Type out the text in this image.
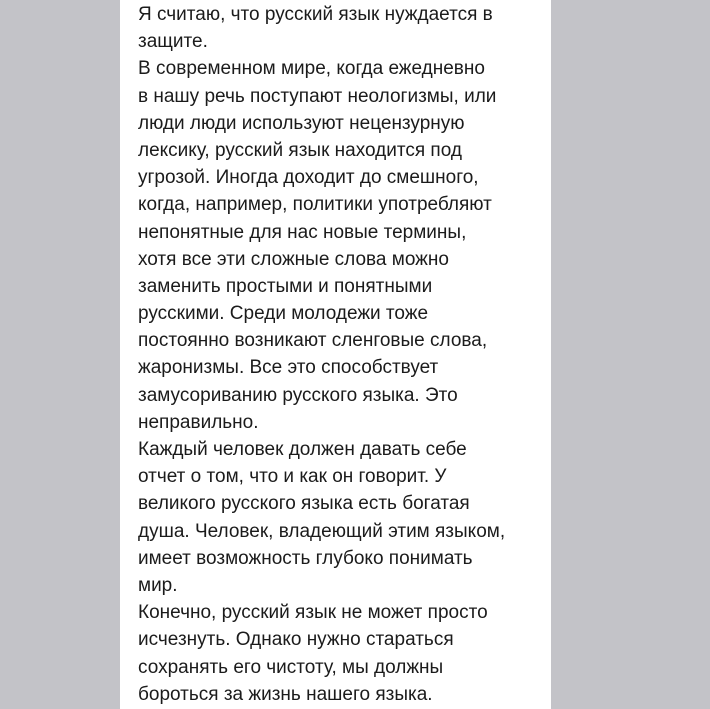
Я считаю, что русский язык нуждается в
защите.
В современном мире, когда ежедневно
в нашу речь поступают неологизмы, или
люди люди используют нецензурную
лексику, русский язык находится под
угрозой. Иногда доходит до смешного,
когда, например, политики употребляют
непонятные для нас новые термины,
хотя все эти сложные слова можно
заменить простыми и понятными
русскими. Среди молодежи тоже
постоянно возникают сленговые слова,
жаронизмы. Все это способствует
замусориванию русского языка. Это
неправильно.
Каждый человек должен давать себе
отчет о том, что и как он говорит. У
великого русского языка есть богатая
душа. Человек, владеющий этим языком,
имеет возможность глубоко понимать
мир.
Конечно, русский язык не может просто
исчезнуть. Однако нужно стараться
сохранять его чистоту, мы должны
бороться за жизнь нашего языка.
